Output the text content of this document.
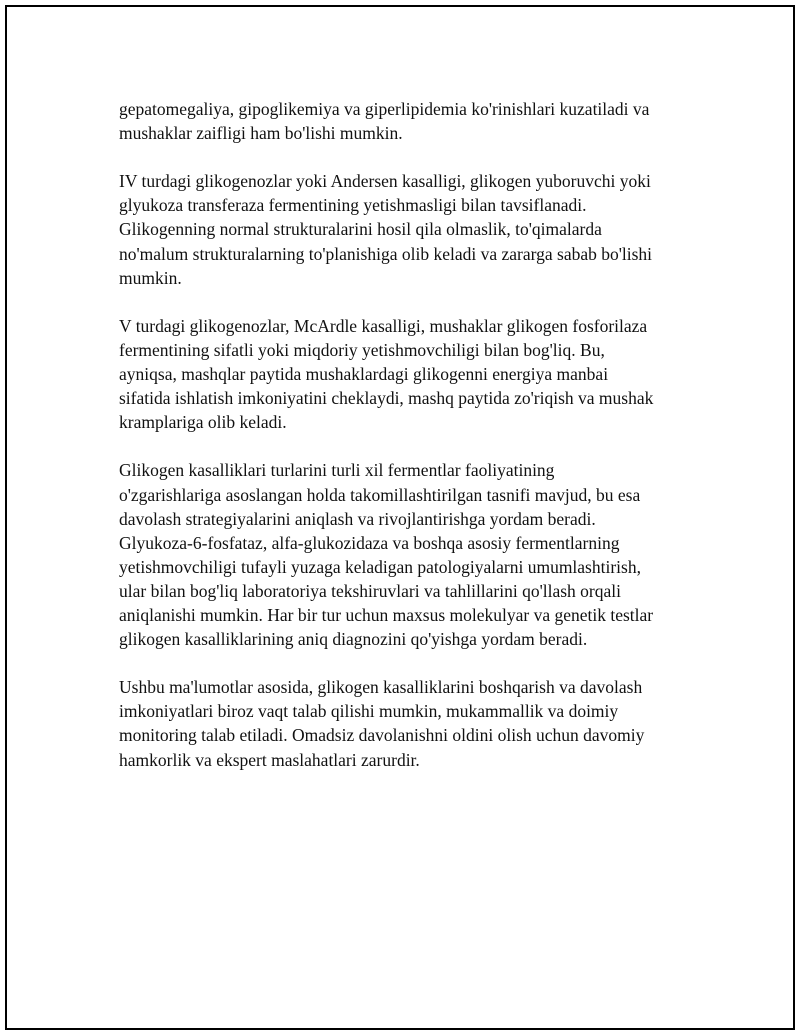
gepatomegaliya, gipoglikemiya va giperlipidemia ko'rinishlari kuzatiladi va
mushaklar zaifligi ham bo'lishi mumkin.

IV turdagi glikogenozlar yoki Andersen kasalligi, glikogen yuboruvchi yoki
glyukoza transferaza fermentining yetishmasligi bilan tavsiflanadi.
Glikogenning normal strukturalarini hosil qila olmaslik, to'qimalarda
no'malum strukturalarning to'planishiga olib keladi va zararga sabab bo'lishi
mumkin.

V turdagi glikogenozlar, McArdle kasalligi, mushaklar glikogen fosforilaza
fermentining sifatli yoki miqdoriy yetishmovchiligi bilan bog'liq. Bu,
ayniqsa, mashqlar paytida mushaklardagi glikogenni energiya manbai
sifatida ishlatish imkoniyatini cheklaydi, mashq paytida zo'riqish va mushak
kramplariga olib keladi.

Glikogen kasalliklari turlarini turli xil fermentlar faoliyatining
o'zgarishlariga asoslangan holda takomillashtirilgan tasnifi mavjud, bu esa
davolash strategiyalarini aniqlash va rivojlantirishga yordam beradi.
Glyukoza-6-fosfataz, alfa-glukozidaza va boshqa asosiy fermentlarning
yetishmovchiligi tufayli yuzaga keladigan patologiyalarni umumlashtirish,
ular bilan bog'liq laboratoriya tekshiruvlari va tahlillarini qo'llash orqali
aniqlanishi mumkin. Har bir tur uchun maxsus molekulyar va genetik testlar
glikogen kasalliklarining aniq diagnozini qo'yishga yordam beradi.

Ushbu ma'lumotlar asosida, glikogen kasalliklarini boshqarish va davolash
imkoniyatlari biroz vaqt talab qilishi mumkin, mukammallik va doimiy
monitoring talab etiladi. Omadsiz davolanishni oldini olish uchun davomiy
hamkorlik va ekspert maslahatlari zarurdir.
